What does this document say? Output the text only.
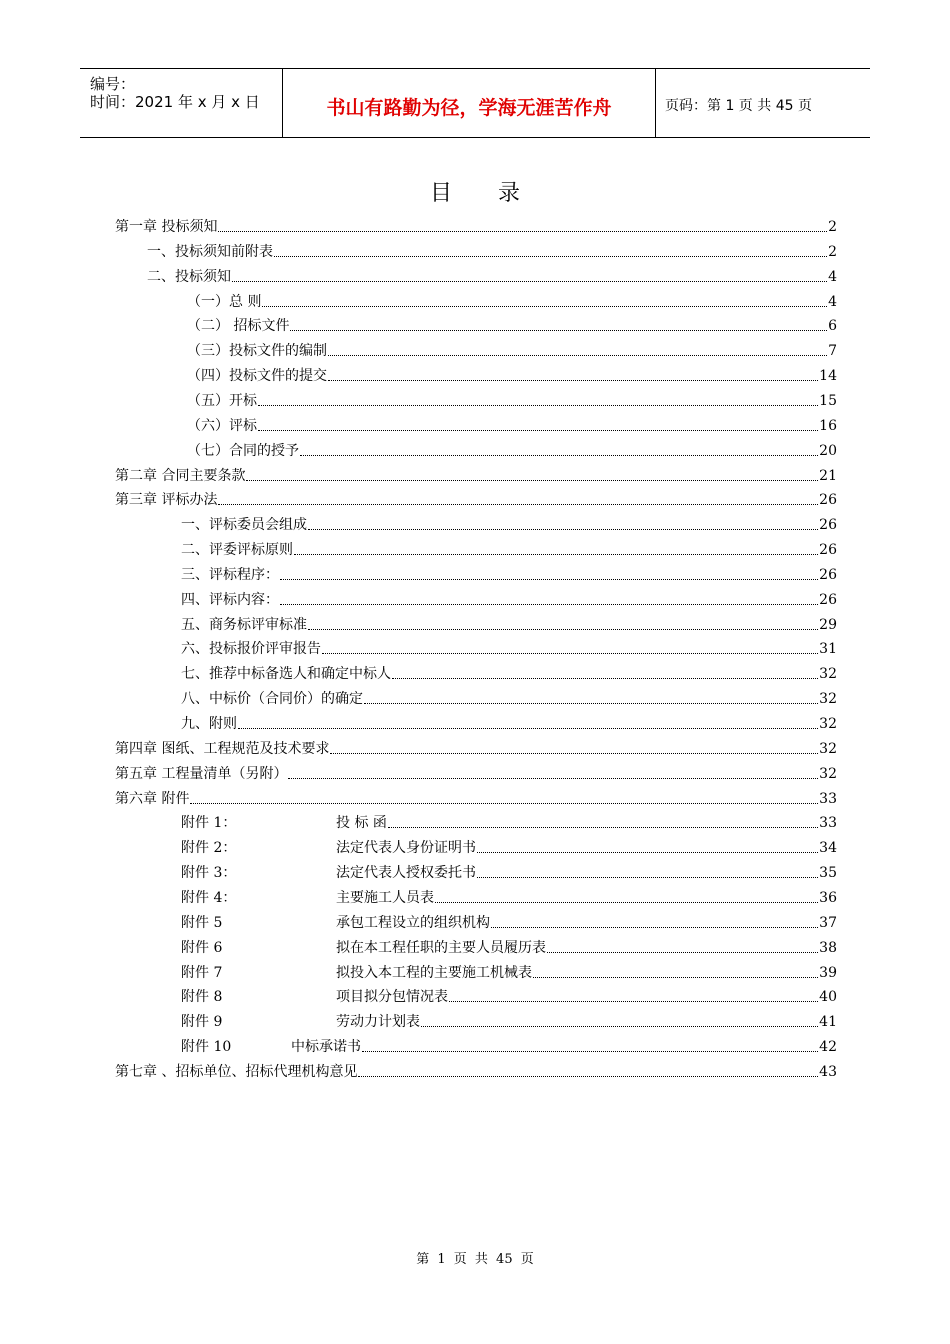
编号：
时间：2021 年 x 月 x 日	书山有路勤为径，学海无涯苦作舟	页码：第 1 页 共 45 页
目录
第一章 投标须知	2
一、投标须知前附表	2
二、投标须知	4
（一）总 则	4
（二） 招标文件	6
（三）投标文件的编制	7
（四）投标文件的提交	14
（五）开标	15
（六）评标	16
（七）合同的授予	20
第二章 合同主要条款	21
第三章 评标办法	26
一、评标委员会组成	26
二、评委评标原则	26
三、评标程序：	26
四、评标内容：	26
五、商务标评审标准	29
六、投标报价评审报告	31
七、推荐中标备选人和确定中标人	32
八、中标价（合同价）的确定	32
九、附则	32
第四章 图纸、工程规范及技术要求	32
第五章 工程量清单（另附）	32
第六章 附件	33
附件 1：	投 标 函	33
附件 2：	法定代表人身份证明书	34
附件 3：	法定代表人授权委托书	35
附件 4：	主要施工人员表	36
附件 5	承包工程设立的组织机构	37
附件 6	拟在本工程任职的主要人员履历表	38
附件 7	拟投入本工程的主要施工机械表	39
附件 8	项目拟分包情况表	40
附件 9	劳动力计划表	41
附件 10	中标承诺书	42
第七章 、招标单位、招标代理机构意见	43
第 1 页 共 45 页
